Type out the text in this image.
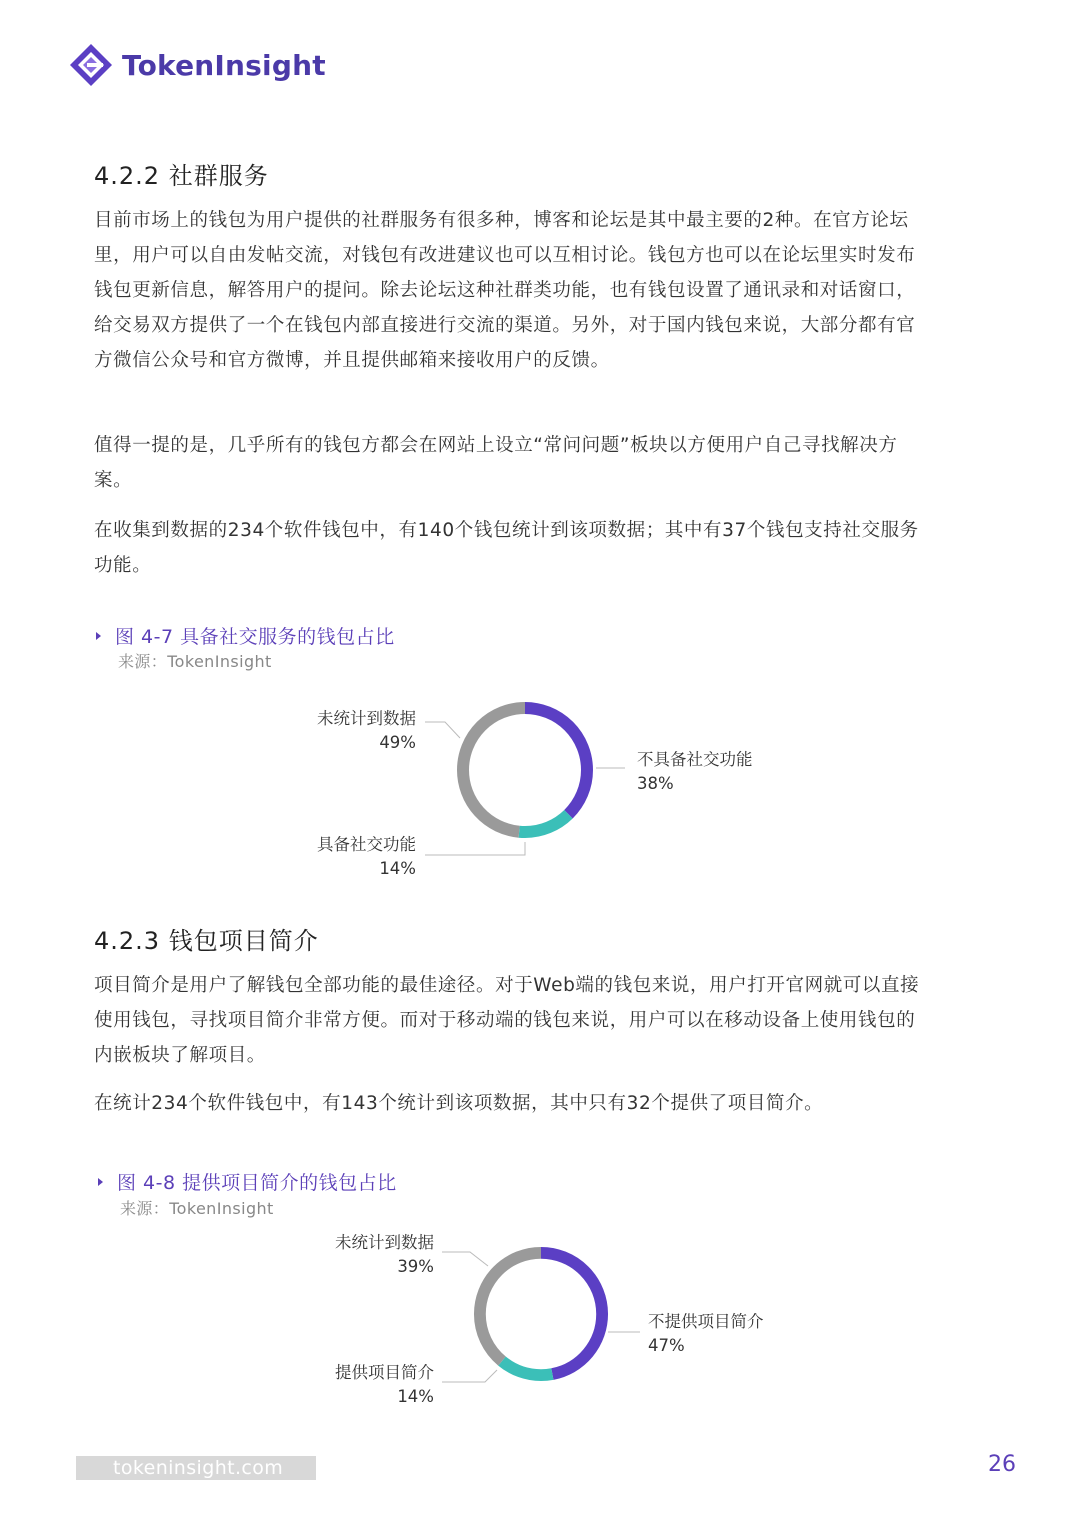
TokenInsight
4.2.2 社群服务

目前市场上的钱包为用户提供的社群服务有很多种，博客和论坛是其中最主要的2种。在官方论坛里，用户可以自由发帖交流，对钱包有改进建议也可以互相讨论。钱包方也可以在论坛里实时发布钱包更新信息，解答用户的提问。除去论坛这种社群类功能，也有钱包设置了通讯录和对话窗口，给交易双方提供了一个在钱包内部直接进行交流的渠道。另外，对于国内钱包来说，大部分都有官方微信公众号和官方微博，并且提供邮箱来接收用户的反馈。

值得一提的是，几乎所有的钱包方都会在网站上设立“常问问题”板块以方便用户自己寻找解决方案。

在收集到数据的234个软件钱包中，有140个钱包统计到该项数据；其中有37个钱包支持社交服务功能。

图 4-7 具备社交服务的钱包占比
来源：TokenInsight
未统计到数据
49%
不具备社交功能
38%
具备社交功能
14%
4.2.3 钱包项目简介

项目简介是用户了解钱包全部功能的最佳途径。对于Web端的钱包来说，用户打开官网就可以直接使用钱包，寻找项目简介非常方便。而对于移动端的钱包来说，用户可以在移动设备上使用钱包的内嵌板块了解项目。

在统计234个软件钱包中，有143个统计到该项数据，其中只有32个提供了项目简介。

图 4-8 提供项目简介的钱包占比
来源：TokenInsight
未统计到数据
39%
不提供项目简介
47%
提供项目简介
14%
tokeninsight.com	26
